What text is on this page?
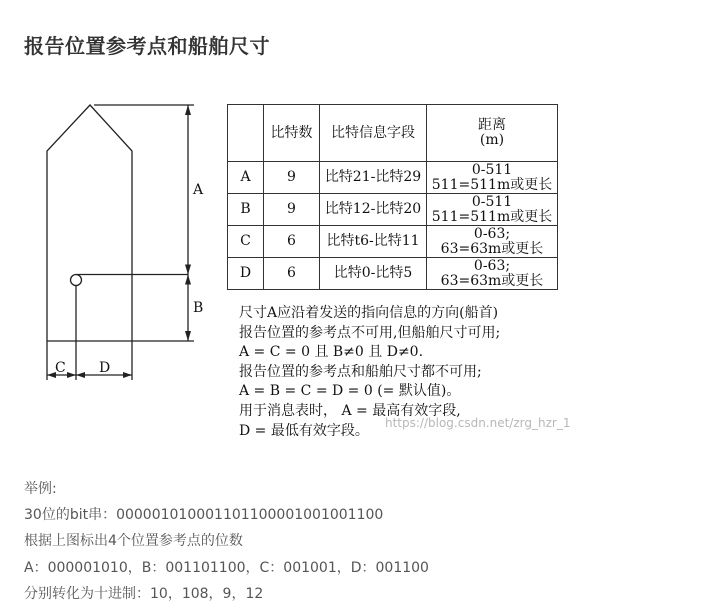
报告位置参考点和船舶尺寸
A
B
C D
	比特数	比特信息字段	距离
(m)

A	9	比特21-比特29	0-511
511=511m或更长

B	9	比特12-比特20	0-511
511=511m或更长

C	6	比特t6-比特11	0-63;
63=63m或更长

D	6	比特0-比特5	0-63;
63=63m或更长
尺寸A应沿着发送的指向信息的方向(船首)
报告位置的参考点不可用,但船舶尺寸可用;
A = C = 0 且 B≠0 且 D≠0.
报告位置的参考点和船舶尺寸都不可用;
A = B = C = D = 0 (= 默认值)。
用于消息表时， A = 最高有效字段,
D = 最低有效字段。	https://blog.csdn.net/zrg_hzr_1
举例:
30位的bit串：000001010001101100001001001100
根据上图标出4个位置参考点的位数
A：000001010，B：001101100，C：001001，D：001100
分别转化为十进制：10，108，9，12
